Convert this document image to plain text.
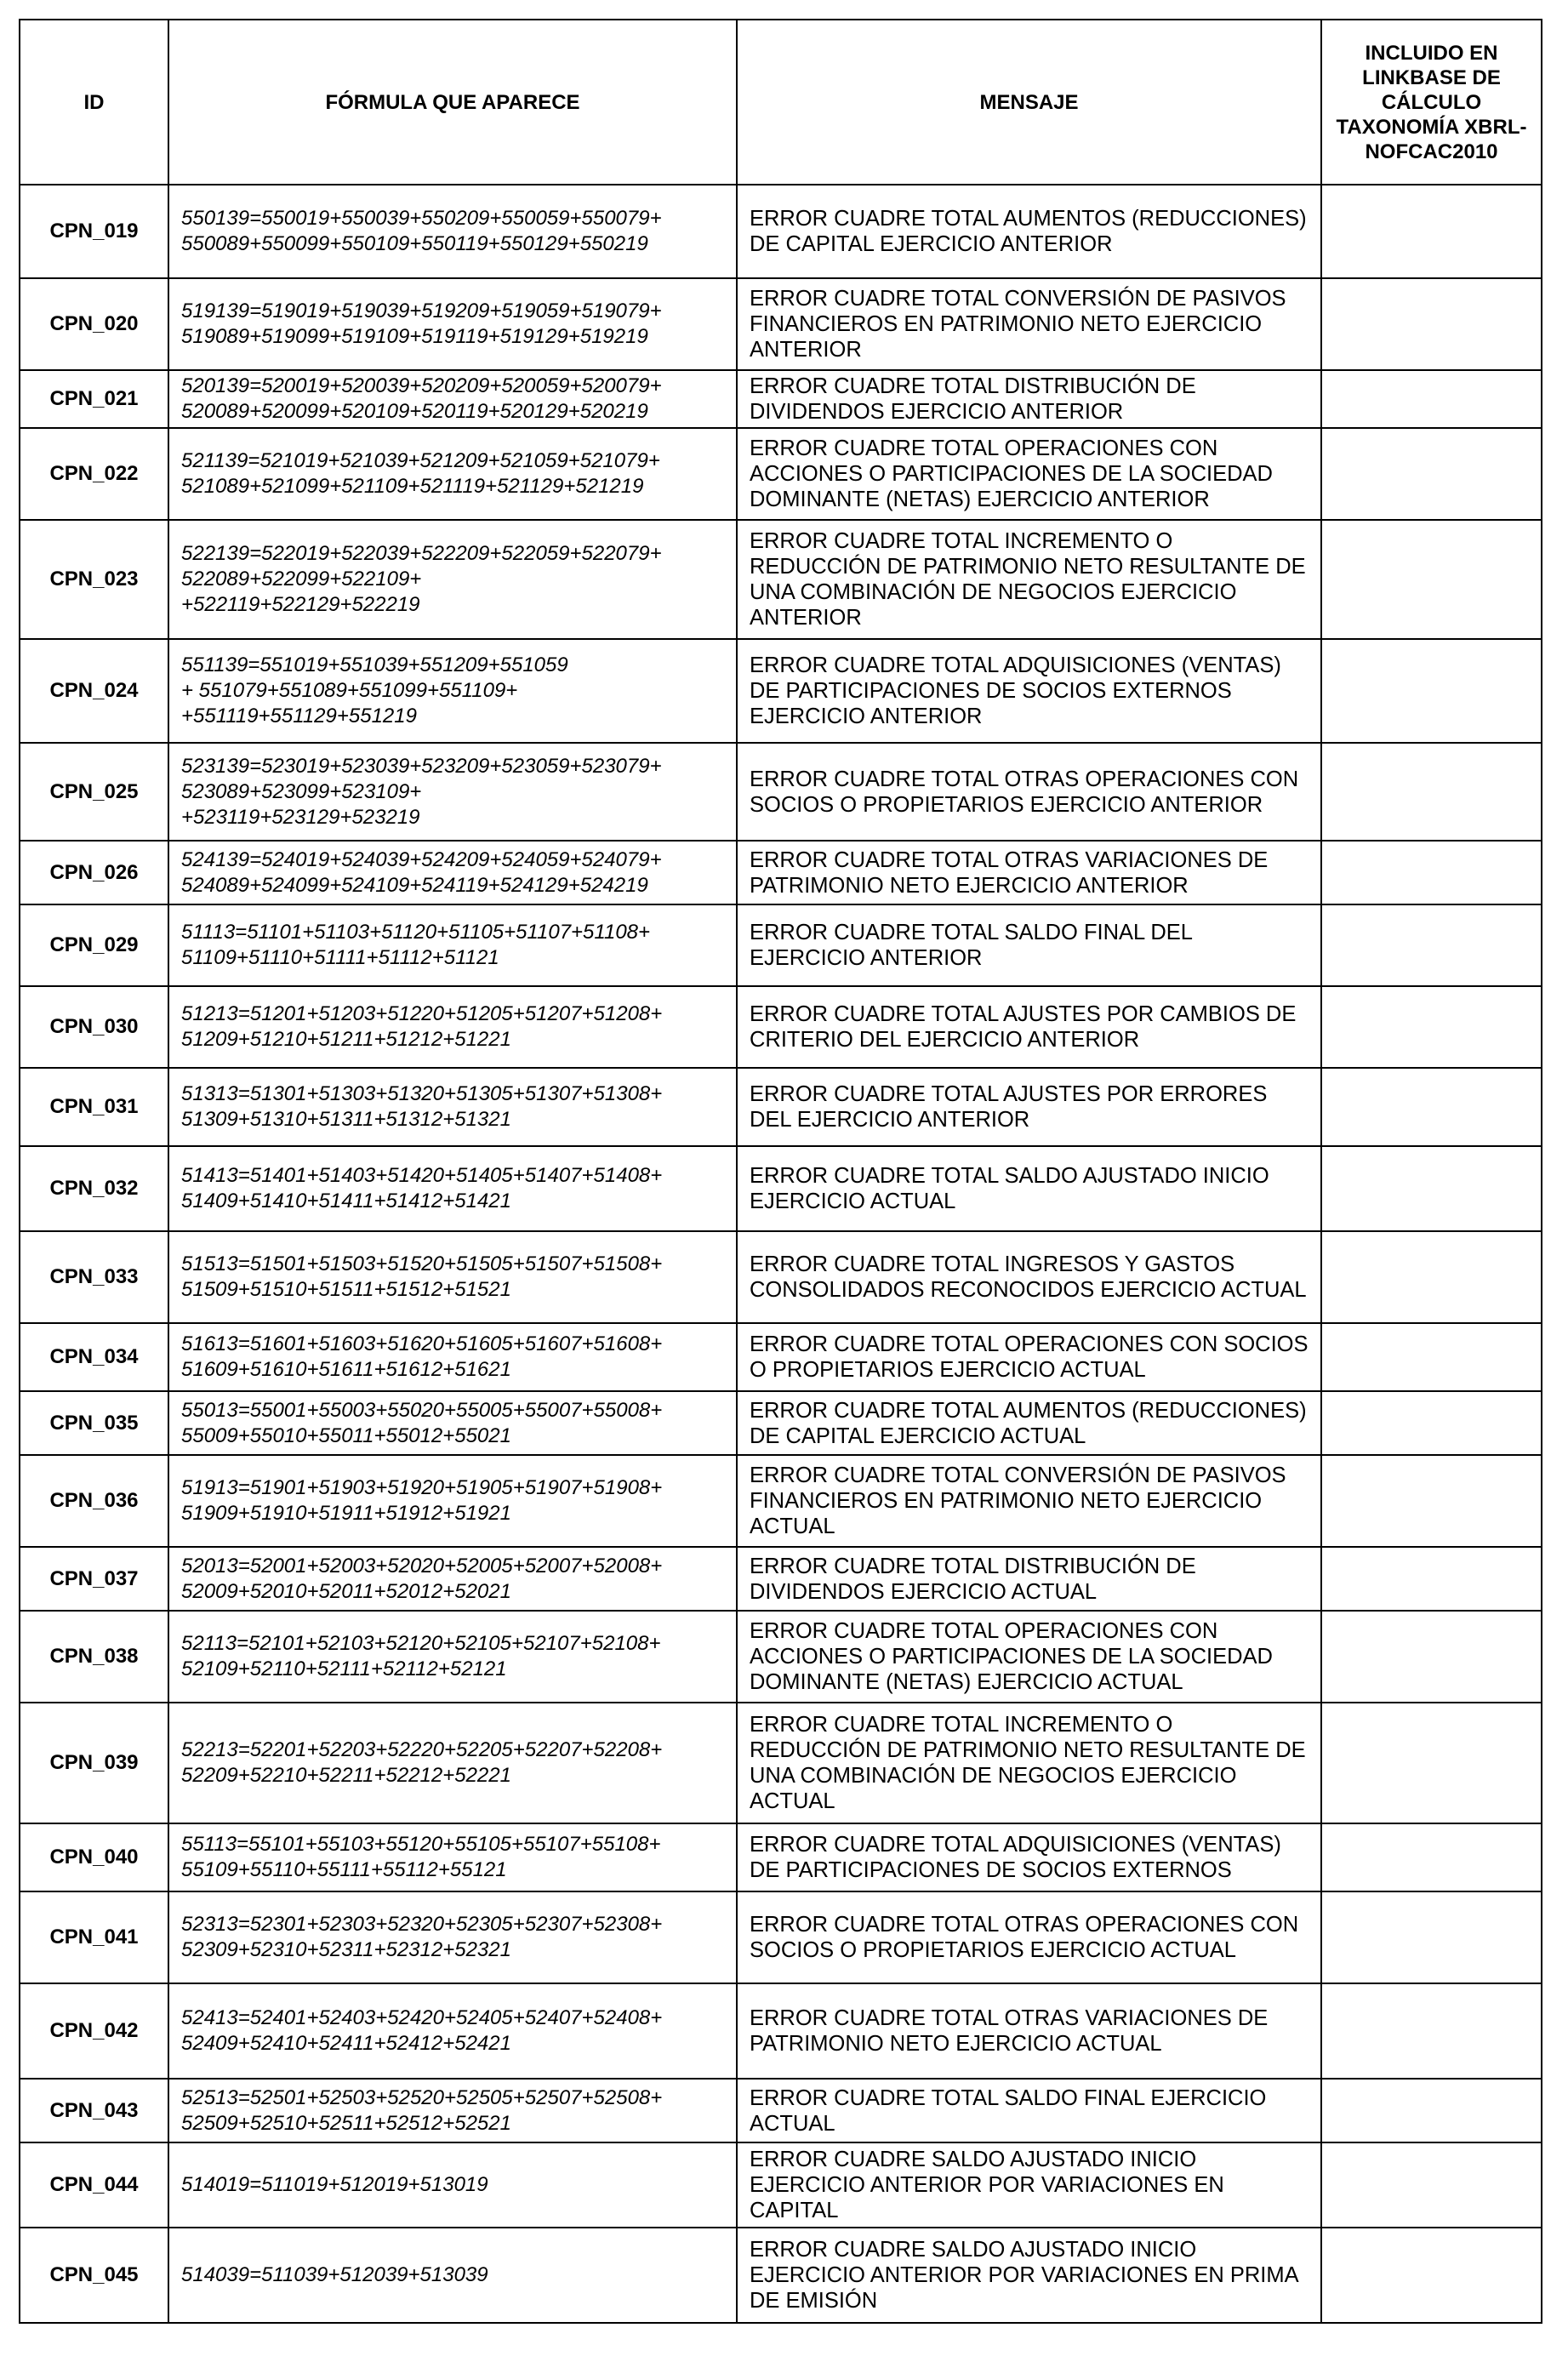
ID	FÓRMULA QUE APARECE	MENSAJE	INCLUIDO EN LINKBASE DE CÁLCULO TAXONOMÍA XBRL-NOFCAC2010
CPN_019	550139=550019+550039+550209+550059+550079+
550089+550099+550109+550119+550129+550219	ERROR CUADRE TOTAL AUMENTOS (REDUCCIONES) DE CAPITAL EJERCICIO ANTERIOR	
CPN_020	519139=519019+519039+519209+519059+519079+
519089+519099+519109+519119+519129+519219	ERROR CUADRE TOTAL CONVERSIÓN DE PASIVOS FINANCIEROS EN PATRIMONIO NETO EJERCICIO ANTERIOR	
CPN_021	520139=520019+520039+520209+520059+520079+
520089+520099+520109+520119+520129+520219	ERROR CUADRE TOTAL DISTRIBUCIÓN DE DIVIDENDOS EJERCICIO ANTERIOR	
CPN_022	521139=521019+521039+521209+521059+521079+
521089+521099+521109+521119+521129+521219	ERROR CUADRE TOTAL OPERACIONES CON ACCIONES O PARTICIPACIONES DE LA SOCIEDAD DOMINANTE (NETAS) EJERCICIO ANTERIOR	
CPN_023	522139=522019+522039+522209+522059+522079+
522089+522099+522109+
+522119+522129+522219	ERROR CUADRE TOTAL INCREMENTO O REDUCCIÓN DE PATRIMONIO NETO RESULTANTE DE UNA COMBINACIÓN DE NEGOCIOS EJERCICIO ANTERIOR	
CPN_024	551139=551019+551039+551209+551059
+ 551079+551089+551099+551109+
+551119+551129+551219	ERROR CUADRE TOTAL ADQUISICIONES (VENTAS) DE PARTICIPACIONES DE SOCIOS EXTERNOS EJERCICIO ANTERIOR	
CPN_025	523139=523019+523039+523209+523059+523079+
523089+523099+523109+
+523119+523129+523219	ERROR CUADRE TOTAL OTRAS OPERACIONES CON SOCIOS O PROPIETARIOS EJERCICIO ANTERIOR	
CPN_026	524139=524019+524039+524209+524059+524079+
524089+524099+524109+524119+524129+524219	ERROR CUADRE TOTAL OTRAS VARIACIONES DE PATRIMONIO NETO EJERCICIO ANTERIOR	
CPN_029	51113=51101+51103+51120+51105+51107+51108+
51109+51110+51111+51112+51121	ERROR CUADRE TOTAL SALDO FINAL DEL EJERCICIO ANTERIOR	
CPN_030	51213=51201+51203+51220+51205+51207+51208+
51209+51210+51211+51212+51221	ERROR CUADRE TOTAL AJUSTES POR CAMBIOS DE CRITERIO DEL EJERCICIO ANTERIOR	
CPN_031	51313=51301+51303+51320+51305+51307+51308+
51309+51310+51311+51312+51321	ERROR CUADRE TOTAL AJUSTES POR ERRORES DEL EJERCICIO ANTERIOR	
CPN_032	51413=51401+51403+51420+51405+51407+51408+
51409+51410+51411+51412+51421	ERROR CUADRE TOTAL SALDO AJUSTADO INICIO EJERCICIO ACTUAL	
CPN_033	51513=51501+51503+51520+51505+51507+51508+
51509+51510+51511+51512+51521	ERROR CUADRE TOTAL INGRESOS Y GASTOS CONSOLIDADOS RECONOCIDOS EJERCICIO ACTUAL	
CPN_034	51613=51601+51603+51620+51605+51607+51608+
51609+51610+51611+51612+51621	ERROR CUADRE TOTAL OPERACIONES CON SOCIOS O PROPIETARIOS EJERCICIO ACTUAL	
CPN_035	55013=55001+55003+55020+55005+55007+55008+
55009+55010+55011+55012+55021	ERROR CUADRE TOTAL AUMENTOS (REDUCCIONES) DE CAPITAL EJERCICIO ACTUAL	
CPN_036	51913=51901+51903+51920+51905+51907+51908+
51909+51910+51911+51912+51921	ERROR CUADRE TOTAL CONVERSIÓN DE PASIVOS FINANCIEROS EN PATRIMONIO NETO EJERCICIO ACTUAL	
CPN_037	52013=52001+52003+52020+52005+52007+52008+
52009+52010+52011+52012+52021	ERROR CUADRE TOTAL DISTRIBUCIÓN DE DIVIDENDOS EJERCICIO ACTUAL	
CPN_038	52113=52101+52103+52120+52105+52107+52108+
52109+52110+52111+52112+52121	ERROR CUADRE TOTAL OPERACIONES CON ACCIONES O PARTICIPACIONES DE LA SOCIEDAD DOMINANTE (NETAS) EJERCICIO ACTUAL	
CPN_039	52213=52201+52203+52220+52205+52207+52208+
52209+52210+52211+52212+52221	ERROR CUADRE TOTAL INCREMENTO O REDUCCIÓN DE PATRIMONIO NETO RESULTANTE DE UNA COMBINACIÓN DE NEGOCIOS EJERCICIO ACTUAL	
CPN_040	55113=55101+55103+55120+55105+55107+55108+
55109+55110+55111+55112+55121	ERROR CUADRE TOTAL ADQUISICIONES (VENTAS) DE PARTICIPACIONES DE SOCIOS EXTERNOS	
CPN_041	52313=52301+52303+52320+52305+52307+52308+
52309+52310+52311+52312+52321	ERROR CUADRE TOTAL OTRAS OPERACIONES CON SOCIOS O PROPIETARIOS EJERCICIO ACTUAL	
CPN_042	52413=52401+52403+52420+52405+52407+52408+
52409+52410+52411+52412+52421	ERROR CUADRE TOTAL OTRAS VARIACIONES DE PATRIMONIO NETO EJERCICIO ACTUAL	
CPN_043	52513=52501+52503+52520+52505+52507+52508+
52509+52510+52511+52512+52521	ERROR CUADRE TOTAL SALDO FINAL EJERCICIO ACTUAL	
CPN_044	514019=511019+512019+513019	ERROR CUADRE SALDO AJUSTADO INICIO EJERCICIO ANTERIOR POR VARIACIONES EN CAPITAL	
CPN_045	514039=511039+512039+513039	ERROR CUADRE SALDO AJUSTADO INICIO EJERCICIO ANTERIOR POR VARIACIONES EN PRIMA DE EMISIÓN	
